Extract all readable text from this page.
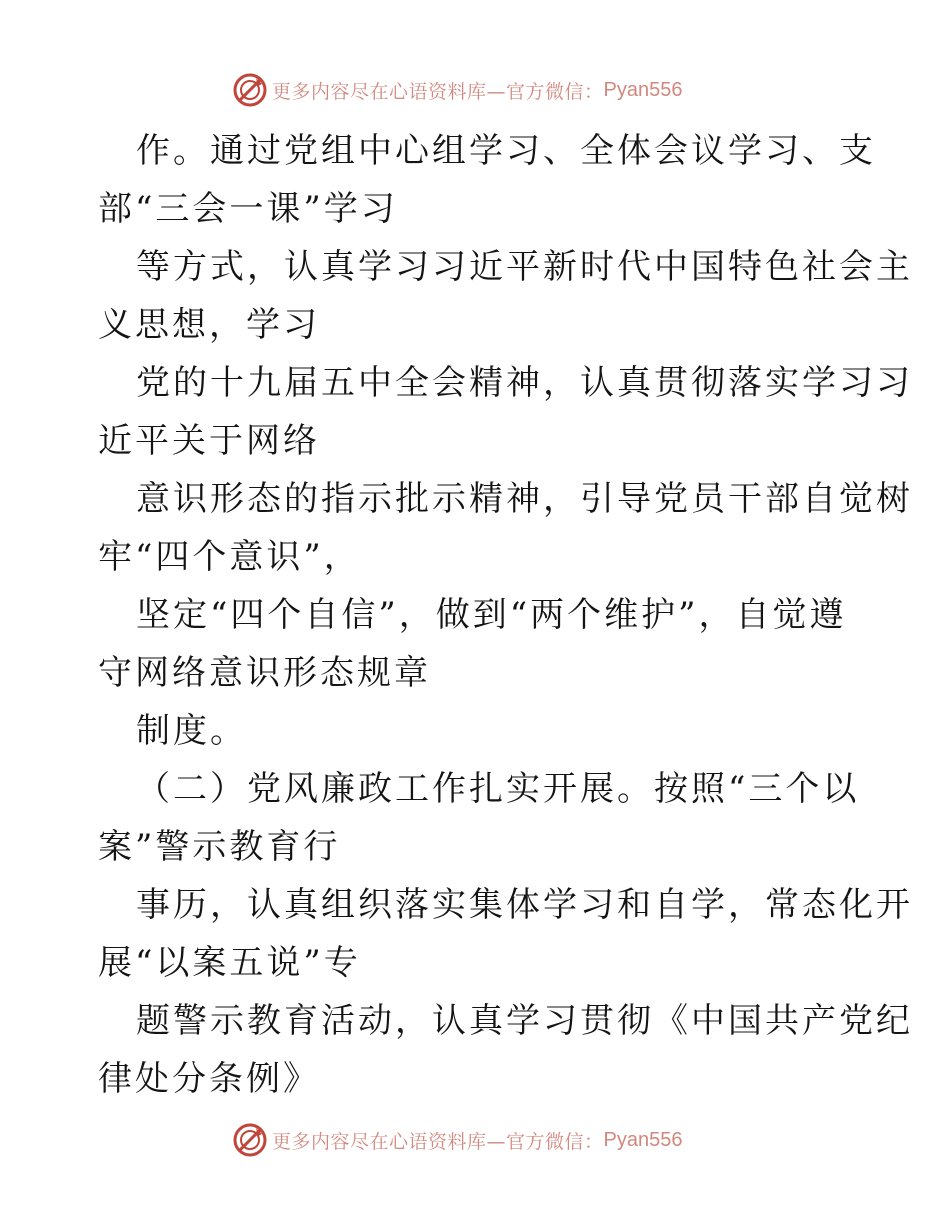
更多内容尽在心语资料库—官方微信： Pyan556
作。通过党组中心组学习、全体会议学习、支
部“三会一课”学习
等方式，认真学习习近平新时代中国特色社会主
义思想，学习
党的十九届五中全会精神，认真贯彻落实学习习
近平关于网络
意识形态的指示批示精神，引导党员干部自觉树
牢“四个意识”，
坚定“四个自信”，做到“两个维护”，自觉遵
守网络意识形态规章
制度。
（二）党风廉政工作扎实开展。按照“三个以
案”警示教育行
事历，认真组织落实集体学习和自学，常态化开
展“以案五说”专
题警示教育活动，认真学习贯彻《中国共产党纪
律处分条例》
更多内容尽在心语资料库—官方微信： Pyan556
